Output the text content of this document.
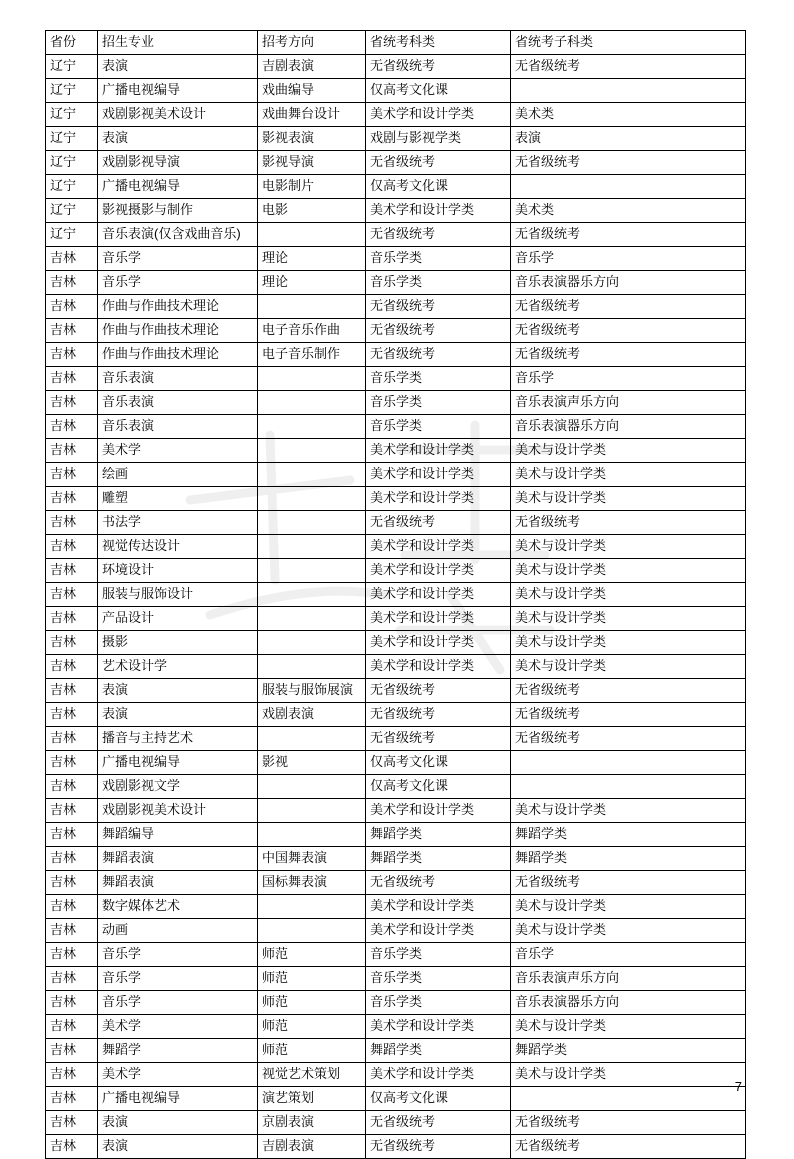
省份	招生专业	招考方向	省统考科类	省统考子科类
辽宁	表演	吉剧表演	无省级统考	无省级统考
辽宁	广播电视编导	戏曲编导	仅高考文化课	
辽宁	戏剧影视美术设计	戏曲舞台设计	美术学和设计学类	美术类
辽宁	表演	影视表演	戏剧与影视学类	表演
辽宁	戏剧影视导演	影视导演	无省级统考	无省级统考
辽宁	广播电视编导	电影制片	仅高考文化课	
辽宁	影视摄影与制作	电影	美术学和设计学类	美术类
辽宁	音乐表演(仅含戏曲音乐)		无省级统考	无省级统考
吉林	音乐学	理论	音乐学类	音乐学
吉林	音乐学	理论	音乐学类	音乐表演器乐方向
吉林	作曲与作曲技术理论		无省级统考	无省级统考
吉林	作曲与作曲技术理论	电子音乐作曲	无省级统考	无省级统考
吉林	作曲与作曲技术理论	电子音乐制作	无省级统考	无省级统考
吉林	音乐表演		音乐学类	音乐学
吉林	音乐表演		音乐学类	音乐表演声乐方向
吉林	音乐表演		音乐学类	音乐表演器乐方向
吉林	美术学		美术学和设计学类	美术与设计学类
吉林	绘画		美术学和设计学类	美术与设计学类
吉林	雕塑		美术学和设计学类	美术与设计学类
吉林	书法学		无省级统考	无省级统考
吉林	视觉传达设计		美术学和设计学类	美术与设计学类
吉林	环境设计		美术学和设计学类	美术与设计学类
吉林	服装与服饰设计		美术学和设计学类	美术与设计学类
吉林	产品设计		美术学和设计学类	美术与设计学类
吉林	摄影		美术学和设计学类	美术与设计学类
吉林	艺术设计学		美术学和设计学类	美术与设计学类
吉林	表演	服装与服饰展演	无省级统考	无省级统考
吉林	表演	戏剧表演	无省级统考	无省级统考
吉林	播音与主持艺术		无省级统考	无省级统考
吉林	广播电视编导	影视	仅高考文化课	
吉林	戏剧影视文学		仅高考文化课	
吉林	戏剧影视美术设计		美术学和设计学类	美术与设计学类
吉林	舞蹈编导		舞蹈学类	舞蹈学类
吉林	舞蹈表演	中国舞表演	舞蹈学类	舞蹈学类
吉林	舞蹈表演	国标舞表演	无省级统考	无省级统考
吉林	数字媒体艺术		美术学和设计学类	美术与设计学类
吉林	动画		美术学和设计学类	美术与设计学类
吉林	音乐学	师范	音乐学类	音乐学
吉林	音乐学	师范	音乐学类	音乐表演声乐方向
吉林	音乐学	师范	音乐学类	音乐表演器乐方向
吉林	美术学	师范	美术学和设计学类	美术与设计学类
吉林	舞蹈学	师范	舞蹈学类	舞蹈学类
吉林	美术学	视觉艺术策划	美术学和设计学类	美术与设计学类
吉林	广播电视编导	演艺策划	仅高考文化课	
吉林	表演	京剧表演	无省级统考	无省级统考
吉林	表演	吉剧表演	无省级统考	无省级统考
7
